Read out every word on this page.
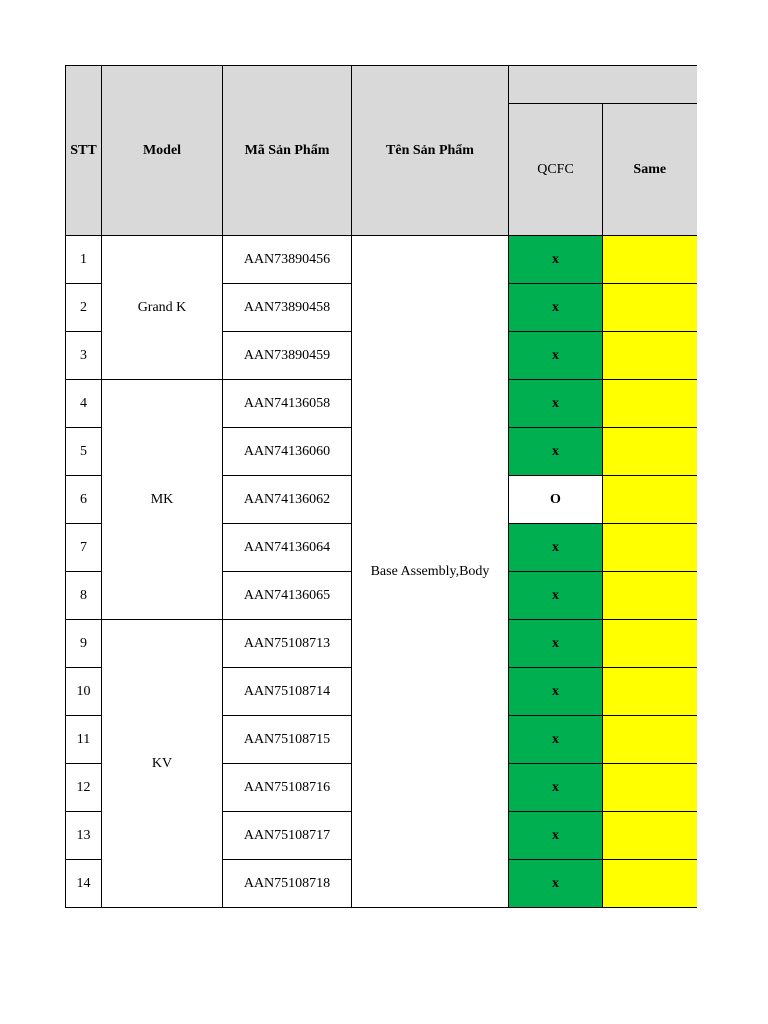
STT	Model	Mã Sản Phẩm	Tên Sản Phẩm		
				QCFC	Same
1	Grand K	AAN73890456	Base Assembly,Body	x	
2		AAN73890458		x	
3		AAN73890459		x	
4	MK	AAN74136058		x	
5		AAN74136060		x	
6		AAN74136062		O	
7		AAN74136064		x	
8		AAN74136065		x	
9	KV	AAN75108713		x	
10		AAN75108714		x	
11		AAN75108715		x	
12		AAN75108716		x	
13		AAN75108717		x	
14		AAN75108718		x	
